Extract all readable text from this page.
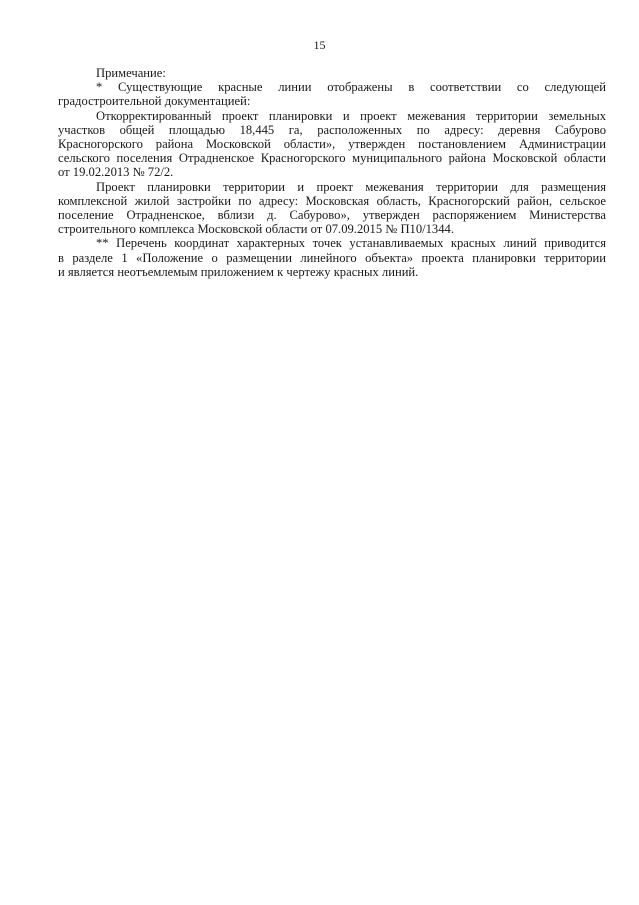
15
Примечание:
* Существующие красные линии отображены в соответствии со следующей
градостроительной документацией:
Откорректированный проект планировки и проект межевания территории земельных
участков общей площадью 18,445 га, расположенных по адресу: деревня Сабурово
Красногорского района Московской области», утвержден постановлением Администрации
сельского поселения Отрадненское Красногорского муниципального района Московской области
от 19.02.2013 № 72/2.
Проект планировки территории и проект межевания территории для размещения
комплексной жилой застройки по адресу: Московская область, Красногорский район, сельское
поселение Отрадненское, вблизи д. Сабурово», утвержден распоряжением Министерства
строительного комплекса Московской области от 07.09.2015 № П10/1344.
** Перечень координат характерных точек устанавливаемых красных линий приводится
в разделе 1 «Положение о размещении линейного объекта» проекта планировки территории
и является неотъемлемым приложением к чертежу красных линий.
